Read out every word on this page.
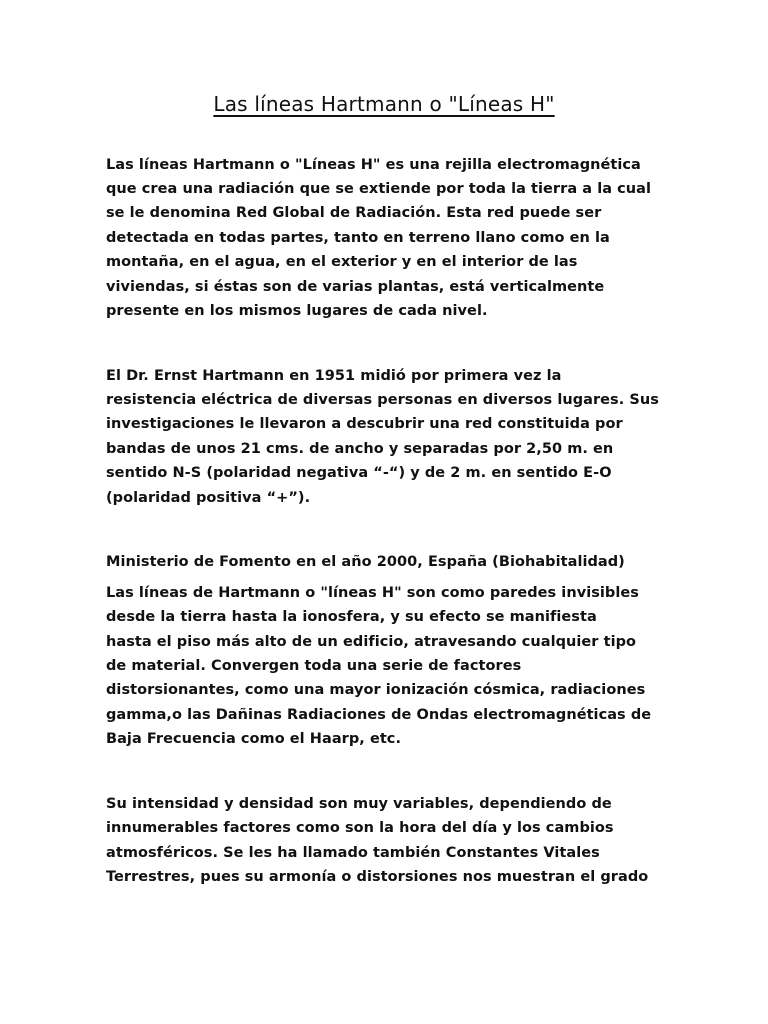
Las líneas Hartmann o "Líneas H"
Las líneas Hartmann o "Líneas H" es una rejilla electromagnética
que crea una radiación que se extiende por toda la tierra a la cual
se le denomina Red Global de Radiación. Esta red puede ser
detectada en todas partes, tanto en terreno llano como en la
montaña, en el agua, en el exterior y en el interior de las
viviendas, si éstas son de varias plantas, está verticalmente
presente en los mismos lugares de cada nivel.
El Dr. Ernst Hartmann en 1951 midió por primera vez la
resistencia eléctrica de diversas personas en diversos lugares. Sus
investigaciones le llevaron a descubrir una red constituida por
bandas de unos 21 cms. de ancho y separadas por 2,50 m. en
sentido N-S (polaridad negativa “-“) y de 2 m. en sentido E-O
(polaridad positiva “+”).
Ministerio de Fomento en el año 2000, España (Biohabitalidad)
Las líneas de Hartmann o "líneas H" son como paredes invisibles
desde la tierra hasta la ionosfera, y su efecto se manifiesta
hasta el piso más alto de un edificio, atravesando cualquier tipo
de material. Convergen toda una serie de factores
distorsionantes, como una mayor ionización cósmica, radiaciones
gamma,o las Dañinas Radiaciones de Ondas electromagnéticas de
Baja Frecuencia como el Haarp, etc.
Su intensidad y densidad son muy variables, dependiendo de
innumerables factores como son la hora del día y los cambios
atmosféricos. Se les ha llamado también Constantes Vitales
Terrestres, pues su armonía o distorsiones nos muestran el grado
